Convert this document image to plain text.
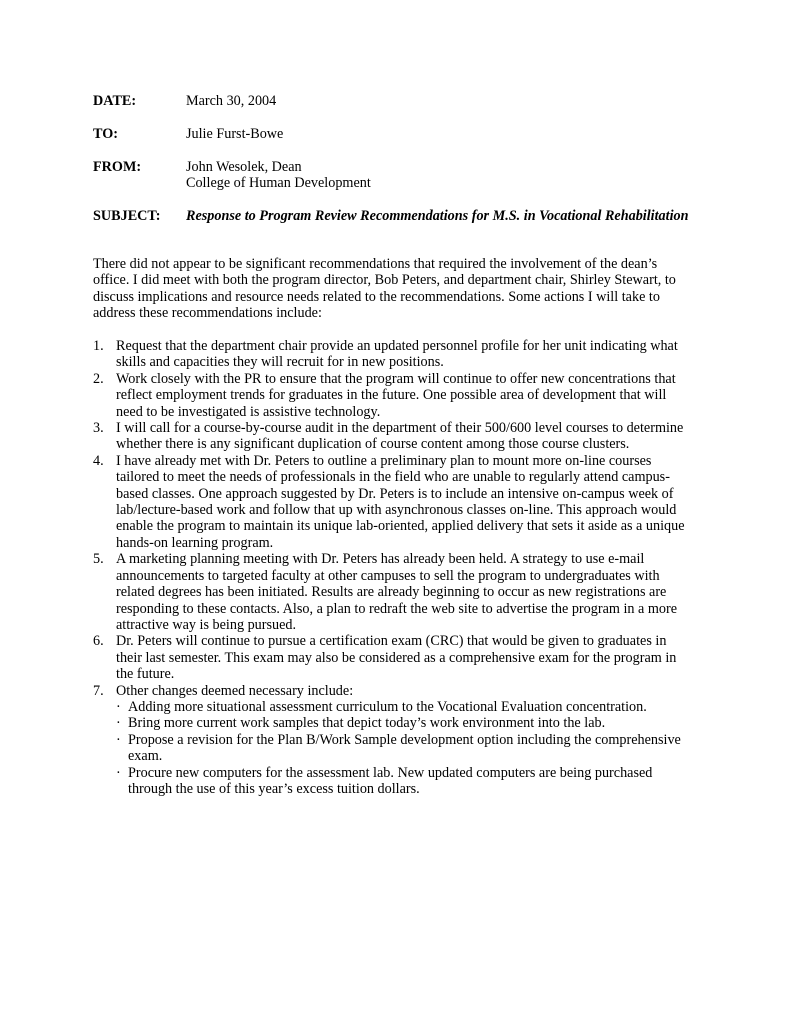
DATE:	March 30, 2004
TO:	Julie Furst-Bowe
FROM:	John Wesolek, Dean
College of Human Development
SUBJECT: Response to Program Review Recommendations for M.S. in Vocational Rehabilitation

There did not appear to be significant recommendations that required the involvement of the dean’s

office. I did meet with both the program director, Bob Peters, and department chair, Shirley Stewart, to

discuss implications and resource needs related to the recommendations. Some actions I will take to

address these recommendations include:

1. Request that the department chair provide an updated personnel profile for her unit indicating what
skills and capacities they will recruit for in new positions.
2. Work closely with the PR to ensure that the program will continue to offer new concentrations that
reflect employment trends for graduates in the future. One possible area of development that will
need to be investigated is assistive technology.
3. I will call for a course-by-course audit in the department of their 500/600 level courses to determine
whether there is any significant duplication of course content among those course clusters.
4. I have already met with Dr. Peters to outline a preliminary plan to mount more on-line courses
tailored to meet the needs of professionals in the field who are unable to regularly attend campus-
based classes. One approach suggested by Dr. Peters is to include an intensive on-campus week of
lab/lecture-based work and follow that up with asynchronous classes on-line. This approach would
enable the program to maintain its unique lab-oriented, applied delivery that sets it aside as a unique
hands-on learning program.
5. A marketing planning meeting with Dr. Peters has already been held. A strategy to use e-mail
announcements to targeted faculty at other campuses to sell the program to undergraduates with
related degrees has been initiated. Results are already beginning to occur as new registrations are
responding to these contacts. Also, a plan to redraft the web site to advertise the program in a more
attractive way is being pursued.
6. Dr. Peters will continue to pursue a certification exam (CRC) that would be given to graduates in
their last semester. This exam may also be considered as a comprehensive exam for the program in
the future.
7. Other changes deemed necessary include:
· Adding more situational assessment curriculum to the Vocational Evaluation concentration.
· Bring more current work samples that depict today’s work environment into the lab.
· Propose a revision for the Plan B/Work Sample development option including the comprehensive
exam.
· Procure new computers for the assessment lab. New updated computers are being purchased
through the use of this year’s excess tuition dollars.
